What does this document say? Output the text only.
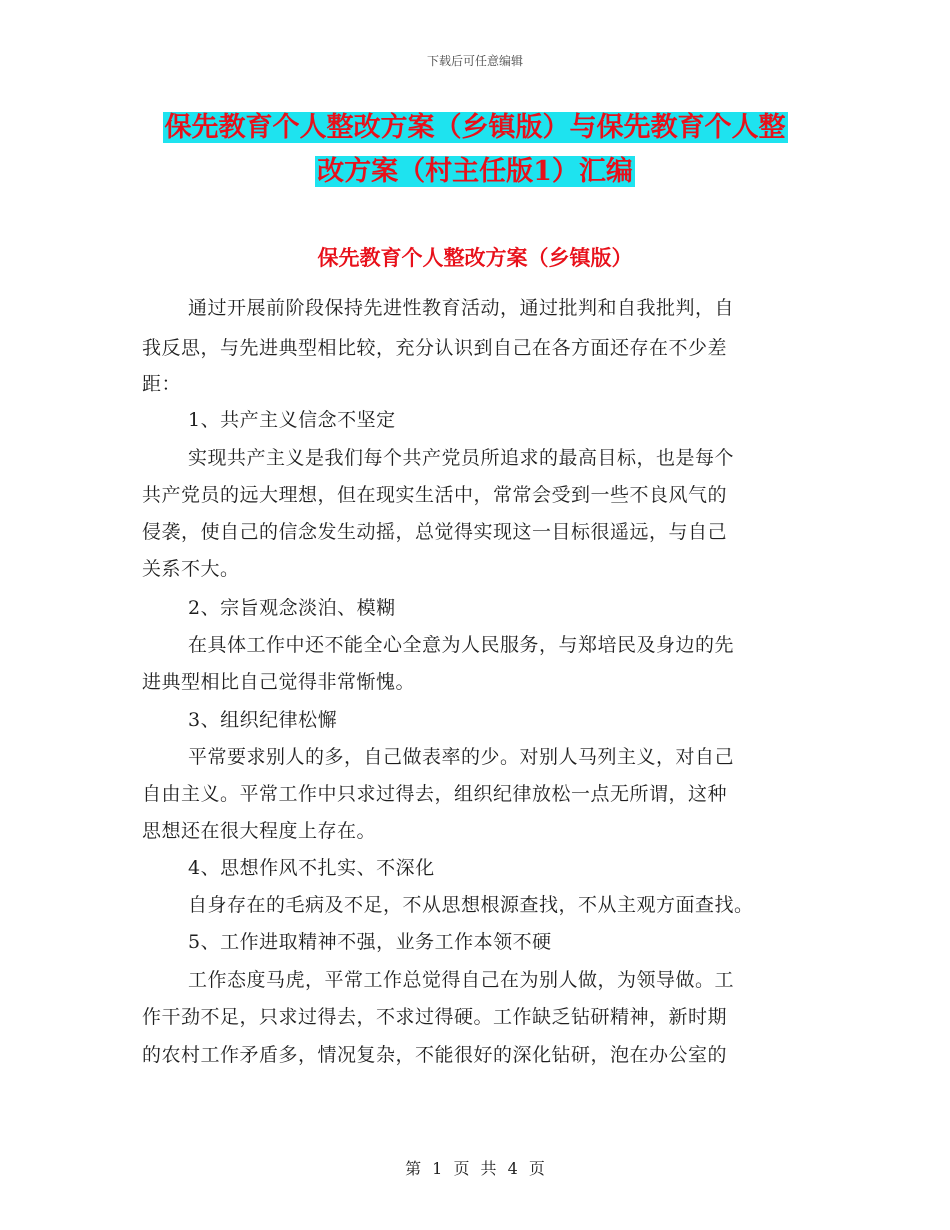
下载后可任意编辑
保先教育个人整改方案（乡镇版）与保先教育个人整
改方案（村主任版1）汇编
保先教育个人整改方案（乡镇版）
通过开展前阶段保持先进性教育活动，通过批判和自我批判，自
我反思，与先进典型相比较，充分认识到自己在各方面还存在不少差
距：
1、共产主义信念不坚定
实现共产主义是我们每个共产党员所追求的最高目标，也是每个
共产党员的远大理想，但在现实生活中，常常会受到一些不良风气的
侵袭，使自己的信念发生动摇，总觉得实现这一目标很遥远，与自己
关系不大。
2、宗旨观念淡泊、模糊
在具体工作中还不能全心全意为人民服务，与郑培民及身边的先
进典型相比自己觉得非常惭愧。
3、组织纪律松懈
平常要求别人的多，自己做表率的少。对别人马列主义，对自己
自由主义。平常工作中只求过得去，组织纪律放松一点无所谓，这种
思想还在很大程度上存在。
4、思想作风不扎实、不深化
自身存在的毛病及不足，不从思想根源查找，不从主观方面查找。
5、工作进取精神不强，业务工作本领不硬
工作态度马虎，平常工作总觉得自己在为别人做，为领导做。工
作干劲不足，只求过得去，不求过得硬。工作缺乏钻研精神，新时期
的农村工作矛盾多，情况复杂，不能很好的深化钻研，泡在办公室的
第 1 页 共 4 页
